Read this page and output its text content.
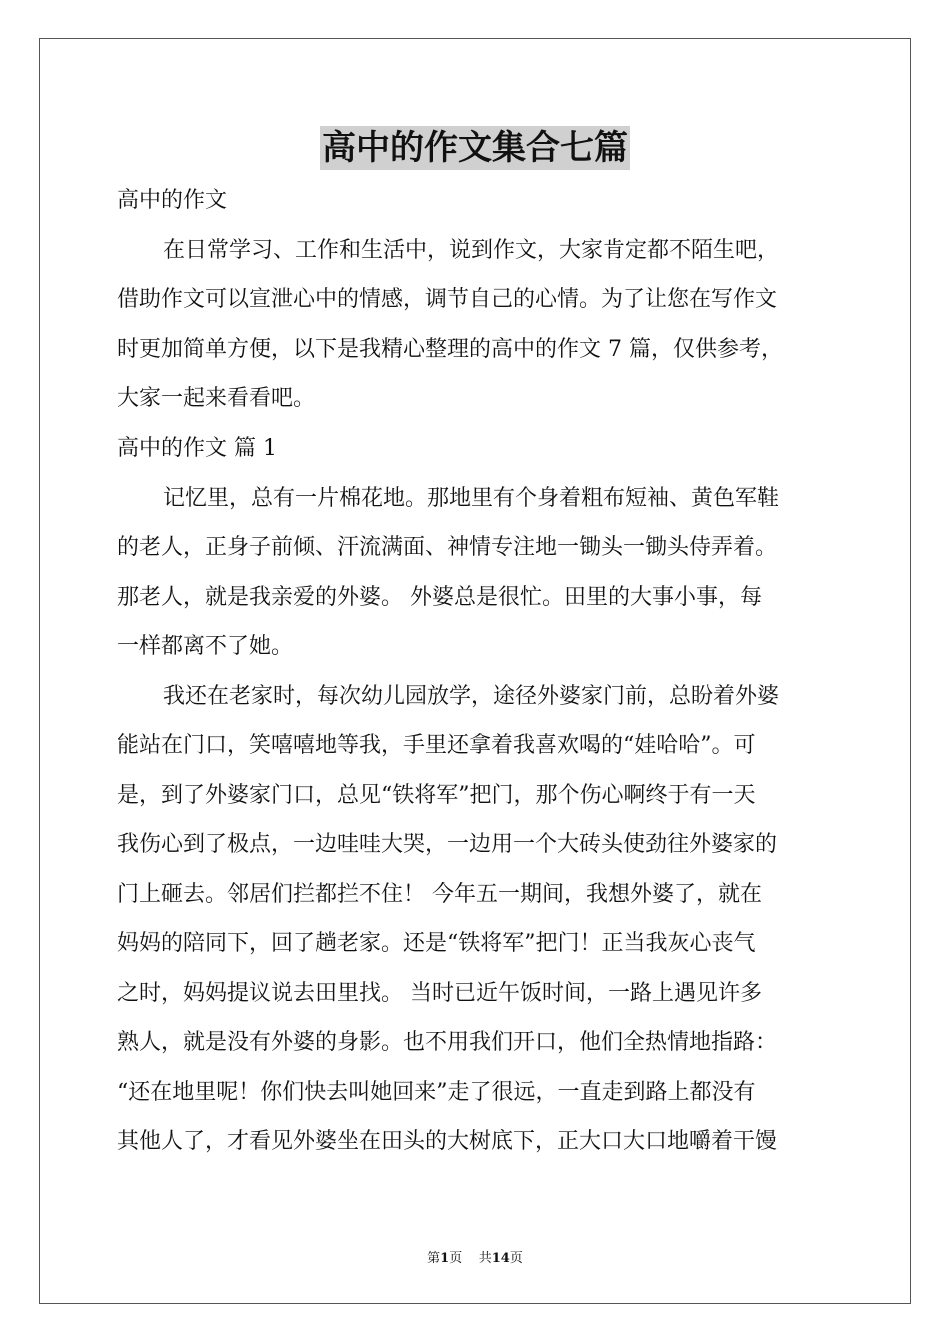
高中的作文集合七篇
高中的作文
在日常学习、工作和生活中，说到作文，大家肯定都不陌生吧，
借助作文可以宣泄心中的情感，调节自己的心情。为了让您在写作文
时更加简单方便，以下是我精心整理的高中的作文 7 篇，仅供参考，
大家一起来看看吧。
高中的作文 篇 1
记忆里，总有一片棉花地。那地里有个身着粗布短袖、黄色军鞋
的老人，正身子前倾、汗流满面、神情专注地一锄头一锄头侍弄着。
那老人，就是我亲爱的外婆。 外婆总是很忙。田里的大事小事，每
一样都离不了她。
我还在老家时，每次幼儿园放学，途径外婆家门前，总盼着外婆
能站在门口，笑嘻嘻地等我，手里还拿着我喜欢喝的“娃哈哈”。可
是，到了外婆家门口，总见“铁将军”把门，那个伤心啊终于有一天
我伤心到了极点，一边哇哇大哭，一边用一个大砖头使劲往外婆家的
门上砸去。邻居们拦都拦不住！ 今年五一期间，我想外婆了，就在
妈妈的陪同下，回了趟老家。还是“铁将军”把门！正当我灰心丧气
之时，妈妈提议说去田里找。 当时已近午饭时间，一路上遇见许多
熟人，就是没有外婆的身影。也不用我们开口，他们全热情地指路：
“还在地里呢！你们快去叫她回来”走了很远，一直走到路上都没有
其他人了，才看见外婆坐在田头的大树底下，正大口大口地嚼着干馒
第1页    共14页
